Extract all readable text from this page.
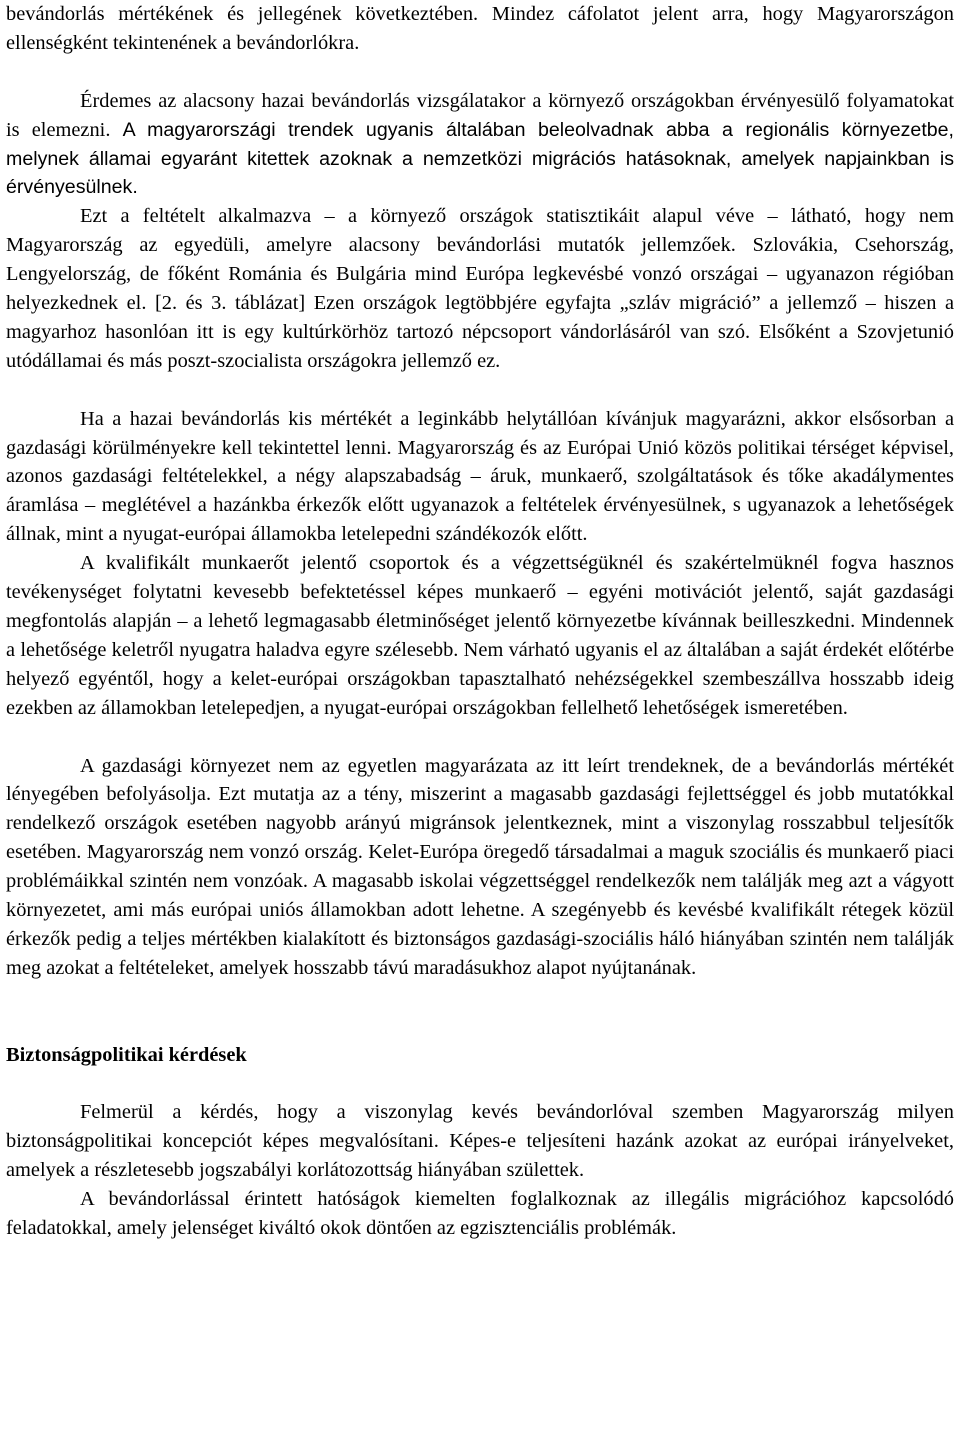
bevándorlás mértékének és jellegének következtében. Mindez cáfolatot jelent arra, hogy Magyarországon ellenségként tekintenének a bevándorlókra.

Érdemes az alacsony hazai bevándorlás vizsgálatakor a környező országokban érvényesülő folyamatokat is elemezni. A magyarországi trendek ugyanis általában beleolvadnak abba a regionális környezetbe, melynek államai egyaránt kitettek azoknak a nemzetközi migrációs hatásoknak, amelyek napjainkban is érvényesülnek.

Ezt a feltételt alkalmazva – a környező országok statisztikáit alapul véve – látható, hogy nem Magyarország az egyedüli, amelyre alacsony bevándorlási mutatók jellemzőek. Szlovákia, Csehország, Lengyelország, de főként Románia és Bulgária mind Európa legkevésbé vonzó országai – ugyanazon régióban helyezkednek el. [2. és 3. táblázat] Ezen országok legtöbbjére egyfajta „szláv migráció” a jellemző – hiszen a magyarhoz hasonlóan itt is egy kultúrkörhöz tartozó népcsoport vándorlásáról van szó. Elsőként a Szovjetunió utódállamai és más poszt-szocialista országokra jellemző ez.

Ha a hazai bevándorlás kis mértékét a leginkább helytállóan kívánjuk magyarázni, akkor elsősorban a gazdasági körülményekre kell tekintettel lenni. Magyarország és az Európai Unió közös politikai térséget képvisel, azonos gazdasági feltételekkel, a négy alapszabadság – áruk, munkaerő, szolgáltatások és tőke akadálymentes áramlása – meglétével a hazánkba érkezők előtt ugyanazok a feltételek érvényesülnek, s ugyanazok a lehetőségek állnak, mint a nyugat-európai államokba letelepedni szándékozók előtt.

A kvalifikált munkaerőt jelentő csoportok és a végzettségüknél és szakértelmüknél fogva hasznos tevékenységet folytatni kevesebb befektetéssel képes munkaerő – egyéni motivációt jelentő, saját gazdasági megfontolás alapján – a lehető legmagasabb életminőséget jelentő környezetbe kívánnak beilleszkedni. Mindennek a lehetősége keletről nyugatra haladva egyre szélesebb. Nem várható ugyanis el az általában a saját érdekét előtérbe helyező egyéntől, hogy a kelet-európai országokban tapasztalható nehézségekkel szembeszállva hosszabb ideig ezekben az államokban letelepedjen, a nyugat-európai országokban fellelhető lehetőségek ismeretében.

A gazdasági környezet nem az egyetlen magyarázata az itt leírt trendeknek, de a bevándorlás mértékét lényegében befolyásolja. Ezt mutatja az a tény, miszerint a magasabb gazdasági fejlettséggel és jobb mutatókkal rendelkező országok esetében nagyobb arányú migránsok jelentkeznek, mint a viszonylag rosszabbul teljesítők esetében. Magyarország nem vonzó ország. Kelet-Európa öregedő társadalmai a maguk szociális és munkaerő piaci problémáikkal szintén nem vonzóak. A magasabb iskolai végzettséggel rendelkezők nem találják meg azt a vágyott környezetet, ami más európai uniós államokban adott lehetne. A szegényebb és kevésbé kvalifikált rétegek közül érkezők pedig a teljes mértékben kialakított és biztonságos gazdasági-szociális háló hiányában szintén nem találják meg azokat a feltételeket, amelyek hosszabb távú maradásukhoz alapot nyújtanának.

Biztonságpolitikai kérdések

Felmerül a kérdés, hogy a viszonylag kevés bevándorlóval szemben Magyarország milyen biztonságpolitikai koncepciót képes megvalósítani. Képes-e teljesíteni hazánk azokat az európai irányelveket, amelyek a részletesebb jogszabályi korlátozottság hiányában születtek.

A bevándorlással érintett hatóságok kiemelten foglalkoznak az illegális migrációhoz kapcsolódó feladatokkal, amely jelenséget kiváltó okok döntően az egzisztenciális problémák.
